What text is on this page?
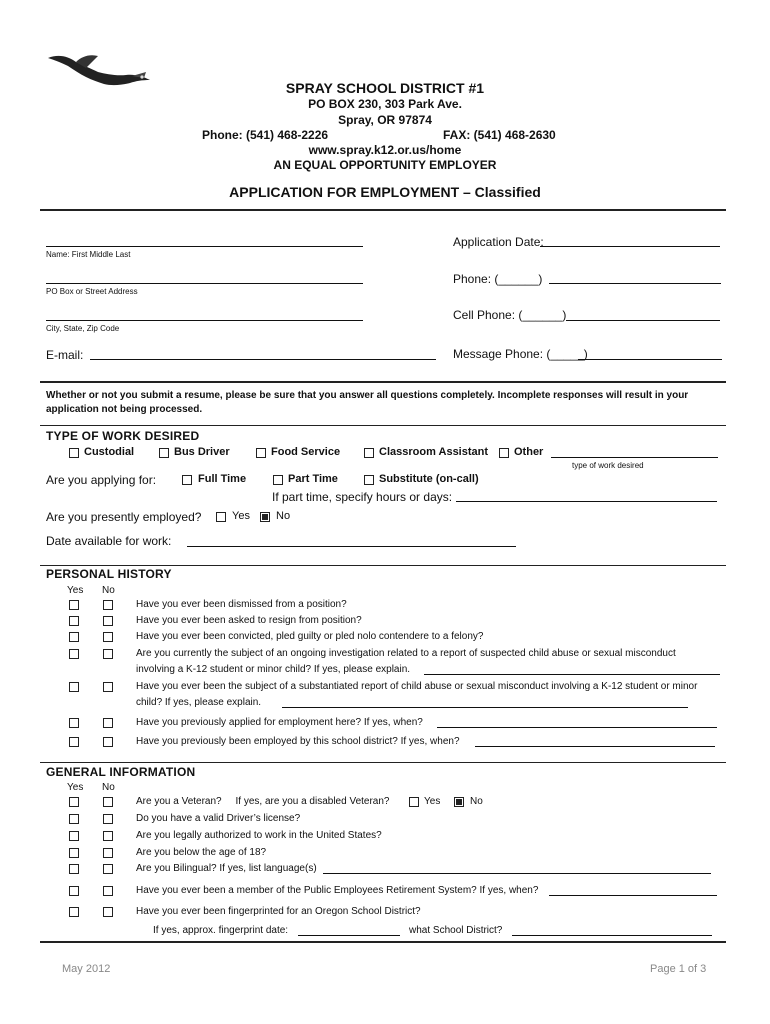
SPRAY SCHOOL DISTRICT #1
PO BOX 230, 303 Park Ave.
Spray, OR 97874
Phone: (541) 468-2226	FAX: (541) 468-2630
www.spray.k12.or.us/home
AN EQUAL OPPORTUNITY EMPLOYER
APPLICATION FOR EMPLOYMENT – Classified
Name: First Middle Last
PO Box or Street Address
City, State, Zip Code
E-mail:
Application Date:
Phone: (______)
Cell Phone: (______)
Message Phone: (_____)
Whether or not you submit a resume, please be sure that you answer all questions completely. Incomplete responses will result in your application not being processed.
TYPE OF WORK DESIRED
Custodial	Bus Driver	Food Service	Classroom Assistant Other
type of work desired
Are you applying for:	Full Time	Part Time	Substitute (on-call)
If part time, specify hours or days:
Are you presently employed?	Yes No
Date available for work:
PERSONAL HISTORY
Yes No
Have you ever been dismissed from a position?
Have you ever been asked to resign from position?
Have you ever been convicted, pled guilty or pled nolo contendere to a felony?
Are you currently the subject of an ongoing investigation related to a report of suspected child abuse or sexual misconduct
involving a K-12 student or minor child? If yes, please explain.
Have you ever been the subject of a substantiated report of child abuse or sexual misconduct involving a K-12 student or minor
child? If yes, please explain.
Have you previously applied for employment here? If yes, when?
Have you previously been employed by this school district? If yes, when?
GENERAL INFORMATION
Yes No
Are you a Veteran?     If yes, are you a disabled Veteran?	Yes	No
Do you have a valid Driver’s license?
Are you legally authorized to work in the United States?
Are you below the age of 18?
Are you Bilingual? If yes, list language(s)
Have you ever been a member of the Public Employees Retirement System? If yes, when?
Have you ever been fingerprinted for an Oregon School District?
If yes, approx. fingerprint date:	what School District?
May 2012	Page 1 of 3
